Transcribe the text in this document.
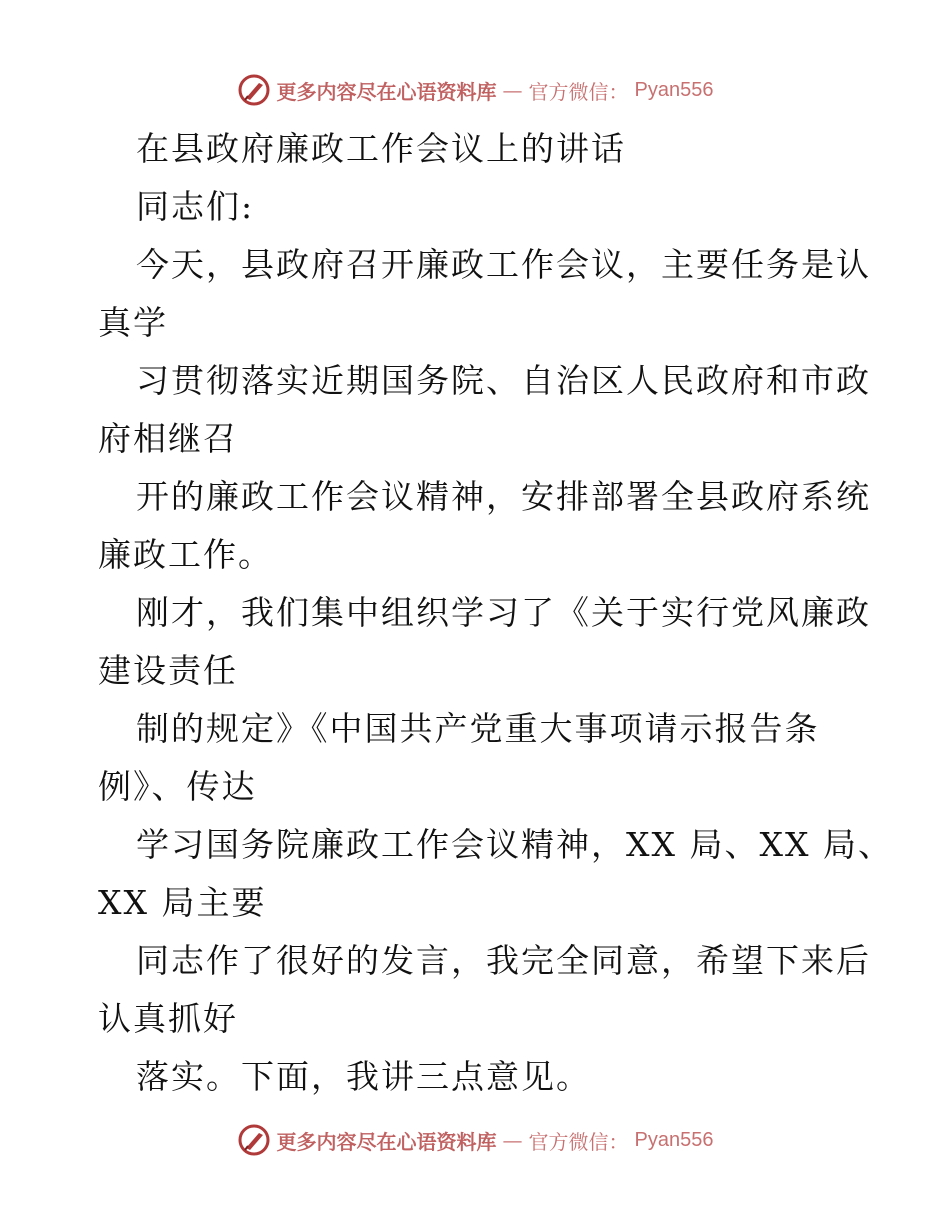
更多内容尽在心语资料库 — 官方微信： Pyan556
在县政府廉政工作会议上的讲话
同志们:
今天，县政府召开廉政工作会议，主要任务是认
真学
习贯彻落实近期国务院、自治区人民政府和市政
府相继召
开的廉政工作会议精神，安排部署全县政府系统
廉政工作。
刚才，我们集中组织学习了《关于实行党风廉政
建设责任
制的规定》《中国共产党重大事项请示报告条
例》、传达
学习国务院廉政工作会议精神，XX 局、XX 局、
XX 局主要
同志作了很好的发言，我完全同意，希望下来后
认真抓好
落实。下面，我讲三点意见。
更多内容尽在心语资料库 — 官方微信： Pyan556
